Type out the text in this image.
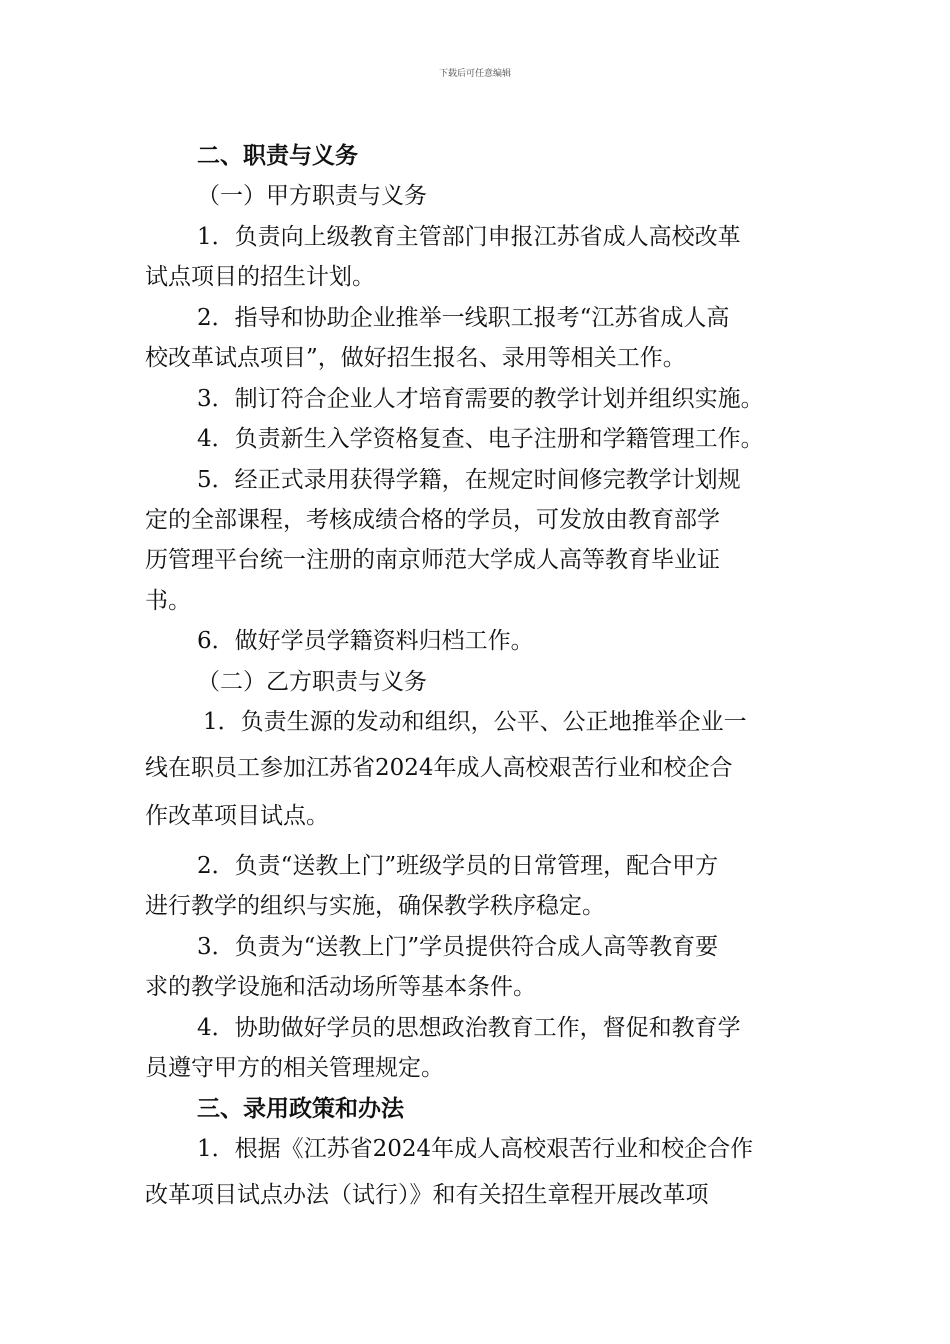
下载后可任意编辑
二、职责与义务
（一）甲方职责与义务
1．负责向上级教育主管部门申报江苏省成人高校改革
试点项目的招生计划。
2．指导和协助企业推举一线职工报考“江苏省成人高
校改革试点项目”，做好招生报名、录用等相关工作。
3．制订符合企业人才培育需要的教学计划并组织实施。
4．负责新生入学资格复查、电子注册和学籍管理工作。
5．经正式录用获得学籍，在规定时间修完教学计划规
定的全部课程，考核成绩合格的学员，可发放由教育部学
历管理平台统一注册的南京师范大学成人高等教育毕业证
书。
6．做好学员学籍资料归档工作。
（二）乙方职责与义务
1．负责生源的发动和组织，公平、公正地推举企业一
线在职员工参加江苏省2024年成人高校艰苦行业和校企合
作改革项目试点。
2．负责“送教上门”班级学员的日常管理，配合甲方
进行教学的组织与实施，确保教学秩序稳定。
3．负责为“送教上门”学员提供符合成人高等教育要
求的教学设施和活动场所等基本条件。
4．协助做好学员的思想政治教育工作，督促和教育学
员遵守甲方的相关管理规定。
三、录用政策和办法
1．根据《江苏省2024年成人高校艰苦行业和校企合作
改革项目试点办法（试行）》和有关招生章程开展改革项
